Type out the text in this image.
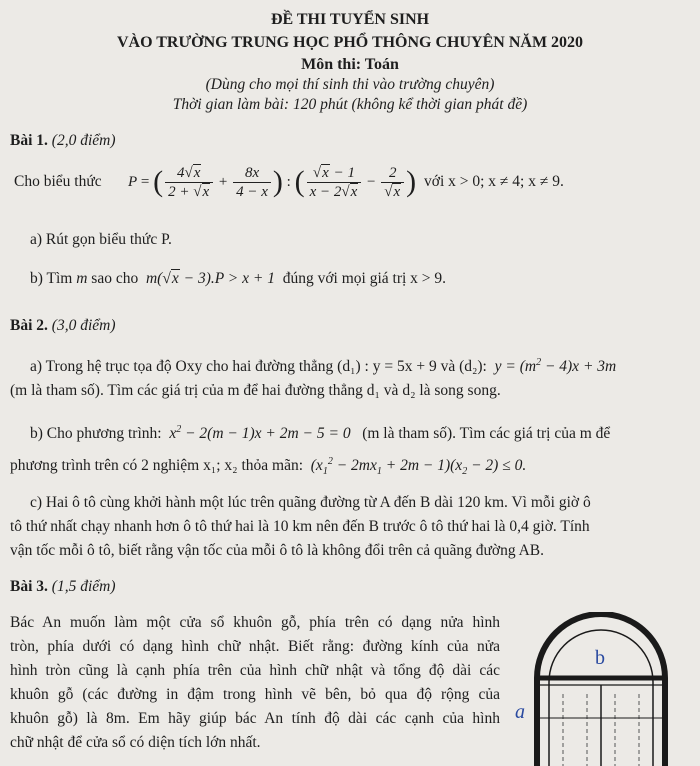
ĐỀ THI TUYỂN SINH
VÀO TRƯỜNG TRUNG HỌC PHỔ THÔNG CHUYÊN NĂM 2020
Môn thi: Toán
(Dùng cho mọi thí sinh thi vào trường chuyên)
Thời gian làm bài: 120 phút (không kể thời gian phát đề)
Bài 1. (2,0 điểm)
Cho biểu thức P = ( $\frac{4√x}{2 + √x} + \frac{8x}{4 - x}$ ) : ( $\frac{√x - 1}{x - 2√x} - \frac{2}{√x}$ ) với x > 0; x ≠ 4; x ≠ 9.
a) Rút gọn biểu thức P.
b) Tìm m sao cho  m(√x − 3).P > x + 1  đúng với mọi giá trị x > 9.
Bài 2. (3,0 điểm)
a) Trong hệ trục tọa độ Oxy cho hai đường thẳng (d₁) : y = 5x + 9 và (d₂):  $y = (m^2 - 4)x + 3m$
(m là tham số). Tìm các giá trị của m để hai đường thẳng d₁ và d₂ là song song.
b) Cho phương trình:  $x^2 - 2(m - 1)x + 2m - 5 = 0$   (m là tham số). Tìm các giá trị của m để
phương trình trên có 2 nghiệm x₁; x₂ thỏa mãn:  $(x_1^2 - 2mx_1 + 2m - 1)(x_2 - 2) \le 0$.
c) Hai ô tô cùng khởi hành một lúc trên quãng đường từ A đến B dài 120 km. Vì mỗi giờ ô
tô thứ nhất chạy nhanh hơn ô tô thứ hai là 10 km nên đến B trước ô tô thứ hai là 0,4 giờ. Tính
vận tốc mỗi ô tô, biết rằng vận tốc của mỗi ô tô là không đổi trên cả quãng đường AB.
Bài 3. (1,5 điểm)
Bác An muốn làm một cửa sổ khuôn gỗ, phía trên có dạng nửa hình
tròn, phía dưới có dạng hình chữ nhật. Biết rằng: đường kính của nửa
hình tròn cũng là cạnh phía trên của hình chữ nhật và tổng độ dài các
khuôn gỗ (các đường in đậm trong hình vẽ bên, bỏ qua độ rộng của
khuôn gỗ) là 8m. Em hãy giúp bác An tính độ dài các cạnh của hình
chữ nhật để cửa sổ có diện tích lớn nhất.
b
a
